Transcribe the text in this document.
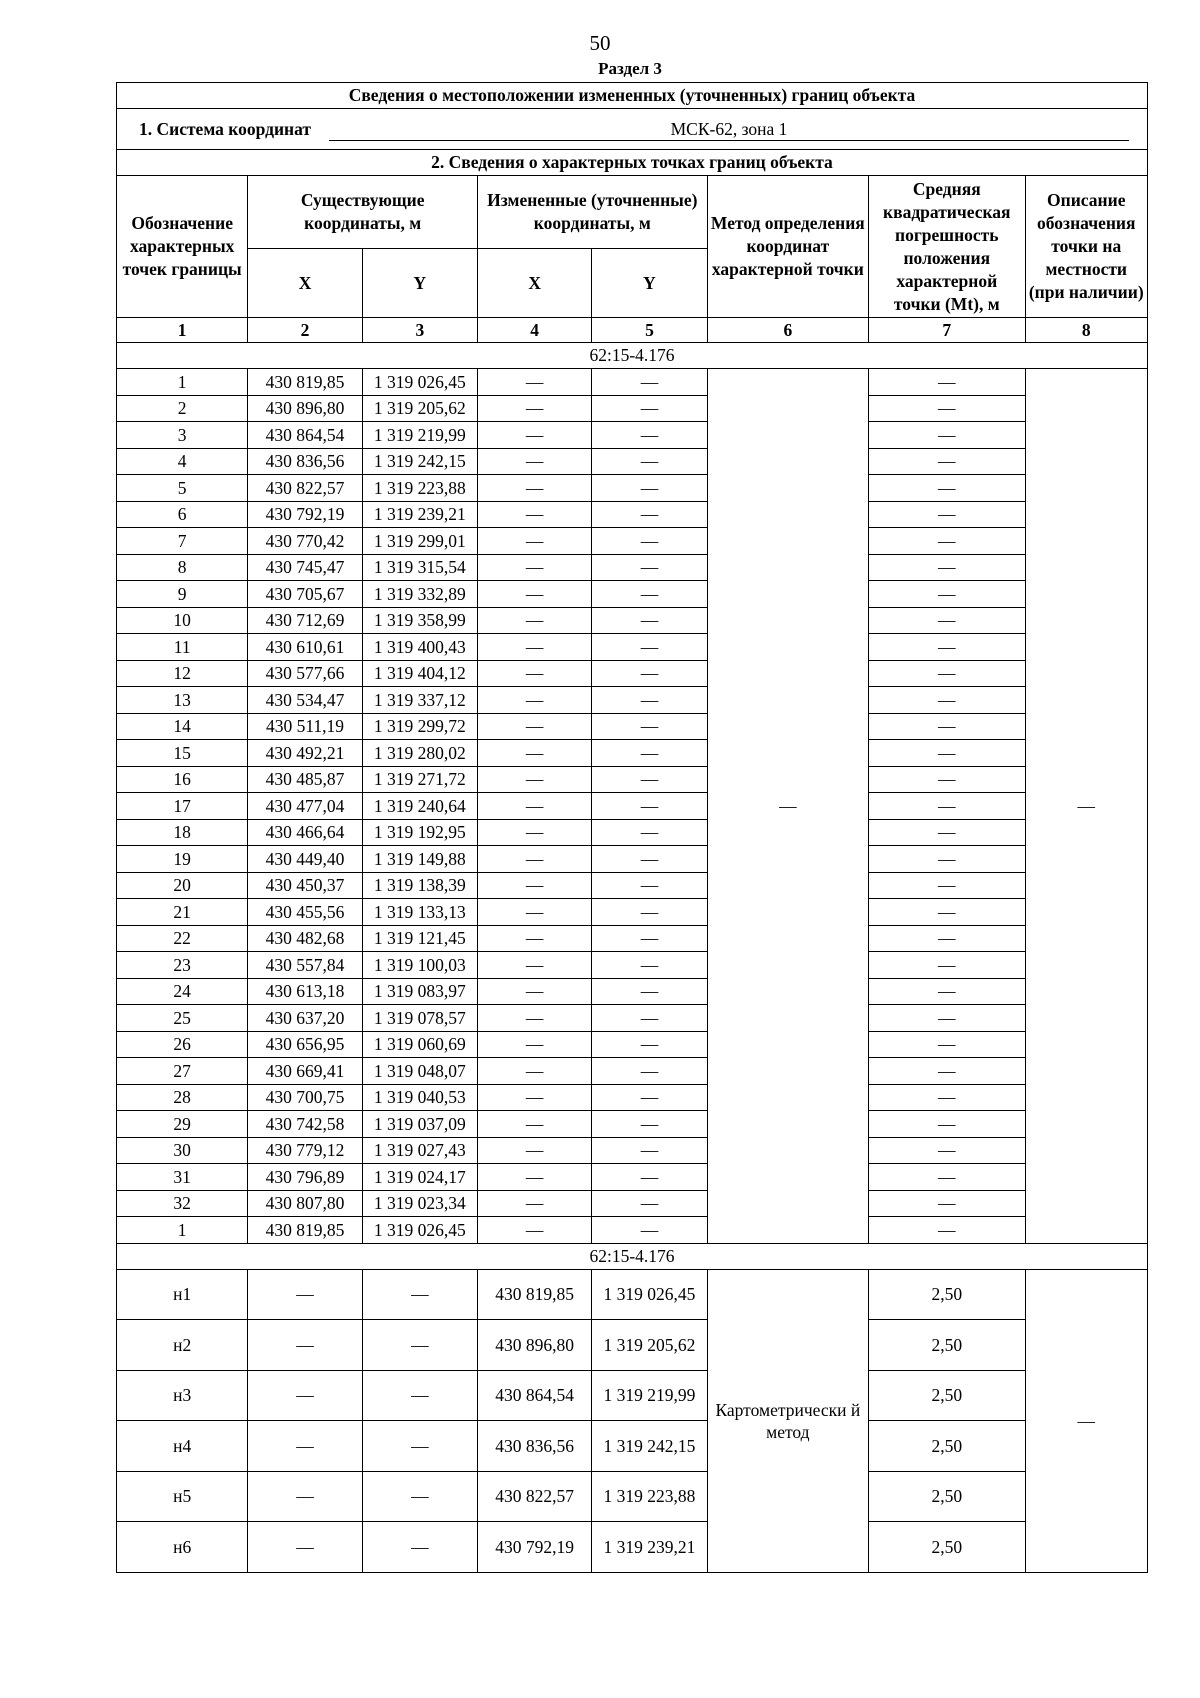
50
Раздел 3
Сведения о местоположении измененных (уточненных) границ объекта							
1. Система координат МСК-62, зона 1							
2. Сведения о характерных точках границ объекта							
Обозначение характерных точек границы	Существующие координаты, м		Измененные (уточненные) координаты, м		Метод определения координат характерной точки	Средняя квадратическая погрешность положения характерной точки (Mt), м	Описание обозначения точки на местности (при наличии)
	X	Y	X	Y			
1	2	3	4	5	6	7	8
62:15-4.176							
1	430 819,85	1 319 026,45	—	—	—	—	—
2	430 896,80	1 319 205,62	—	—		—	
3	430 864,54	1 319 219,99	—	—		—	
4	430 836,56	1 319 242,15	—	—		—	
5	430 822,57	1 319 223,88	—	—		—	
6	430 792,19	1 319 239,21	—	—		—	
7	430 770,42	1 319 299,01	—	—		—	
8	430 745,47	1 319 315,54	—	—		—	
9	430 705,67	1 319 332,89	—	—		—	
10	430 712,69	1 319 358,99	—	—		—	
11	430 610,61	1 319 400,43	—	—		—	
12	430 577,66	1 319 404,12	—	—		—	
13	430 534,47	1 319 337,12	—	—		—	
14	430 511,19	1 319 299,72	—	—		—	
15	430 492,21	1 319 280,02	—	—		—	
16	430 485,87	1 319 271,72	—	—		—	
17	430 477,04	1 319 240,64	—	—		—	
18	430 466,64	1 319 192,95	—	—		—	
19	430 449,40	1 319 149,88	—	—		—	
20	430 450,37	1 319 138,39	—	—		—	
21	430 455,56	1 319 133,13	—	—		—	
22	430 482,68	1 319 121,45	—	—		—	
23	430 557,84	1 319 100,03	—	—		—	
24	430 613,18	1 319 083,97	—	—		—	
25	430 637,20	1 319 078,57	—	—		—	
26	430 656,95	1 319 060,69	—	—		—	
27	430 669,41	1 319 048,07	—	—		—	
28	430 700,75	1 319 040,53	—	—		—	
29	430 742,58	1 319 037,09	—	—		—	
30	430 779,12	1 319 027,43	—	—		—	
31	430 796,89	1 319 024,17	—	—		—	
32	430 807,80	1 319 023,34	—	—		—	
1	430 819,85	1 319 026,45	—	—		—	
62:15-4.176							
н1	—	—	430 819,85	1 319 026,45	Картометрически й метод	2,50	—
н2	—	—	430 896,80	1 319 205,62		2,50	
н3	—	—	430 864,54	1 319 219,99		2,50	
н4	—	—	430 836,56	1 319 242,15		2,50	
н5	—	—	430 822,57	1 319 223,88		2,50	
н6	—	—	430 792,19	1 319 239,21		2,50	
